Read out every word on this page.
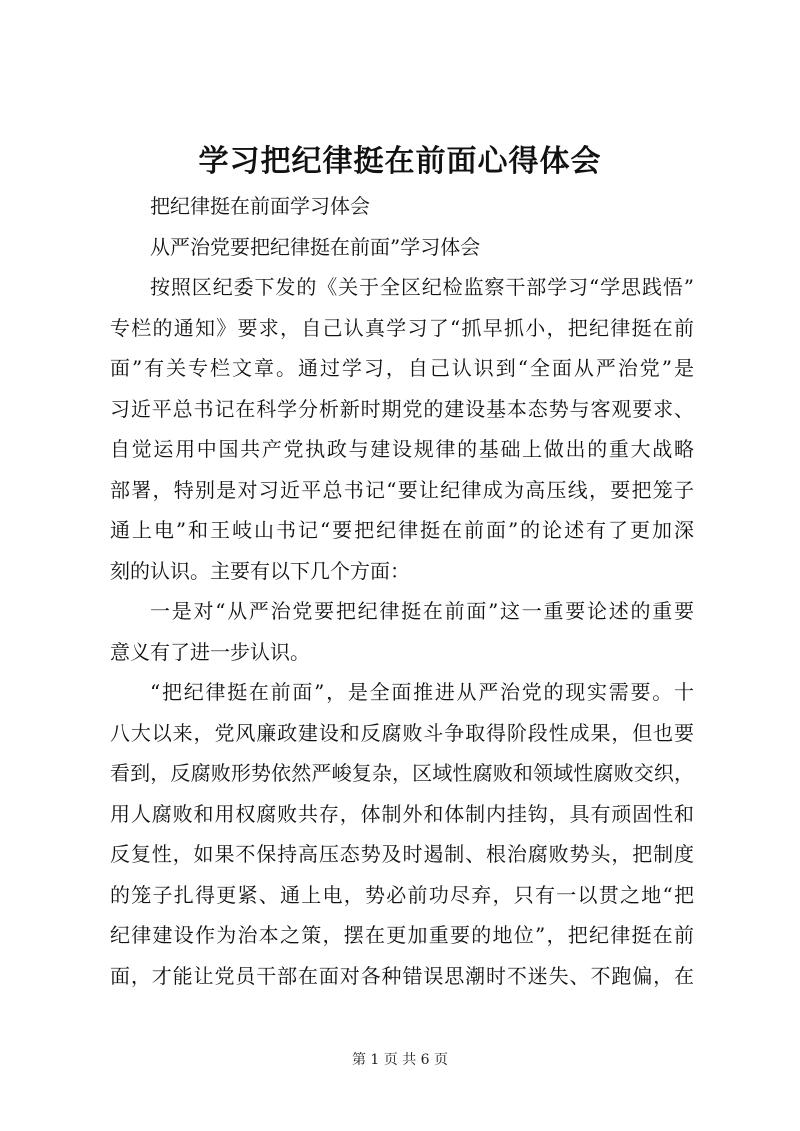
学习把纪律挺在前面心得体会
把纪律挺在前面学习体会
从严治党要把纪律挺在前面”学习体会
按照区纪委下发的《关于全区纪检监察干部学习“学思践悟”
专栏的通知》要求，自己认真学习了“抓早抓小，把纪律挺在前
面”有关专栏文章。通过学习，自己认识到“全面从严治党”是
习近平总书记在科学分析新时期党的建设基本态势与客观要求、
自觉运用中国共产党执政与建设规律的基础上做出的重大战略
部署，特别是对习近平总书记“要让纪律成为高压线，要把笼子
通上电”和王岐山书记“要把纪律挺在前面”的论述有了更加深
刻的认识。主要有以下几个方面：
一是对“从严治党要把纪律挺在前面”这一重要论述的重要
意义有了进一步认识。
“把纪律挺在前面”，是全面推进从严治党的现实需要。十
八大以来，党风廉政建设和反腐败斗争取得阶段性成果，但也要
看到，反腐败形势依然严峻复杂，区域性腐败和领域性腐败交织，
用人腐败和用权腐败共存，体制外和体制内挂钩，具有顽固性和
反复性，如果不保持高压态势及时遏制、根治腐败势头，把制度
的笼子扎得更紧、通上电，势必前功尽弃，只有一以贯之地“把
纪律建设作为治本之策，摆在更加重要的地位”，把纪律挺在前
面，才能让党员干部在面对各种错误思潮时不迷失、不跑偏，在
第 1 页 共 6 页
